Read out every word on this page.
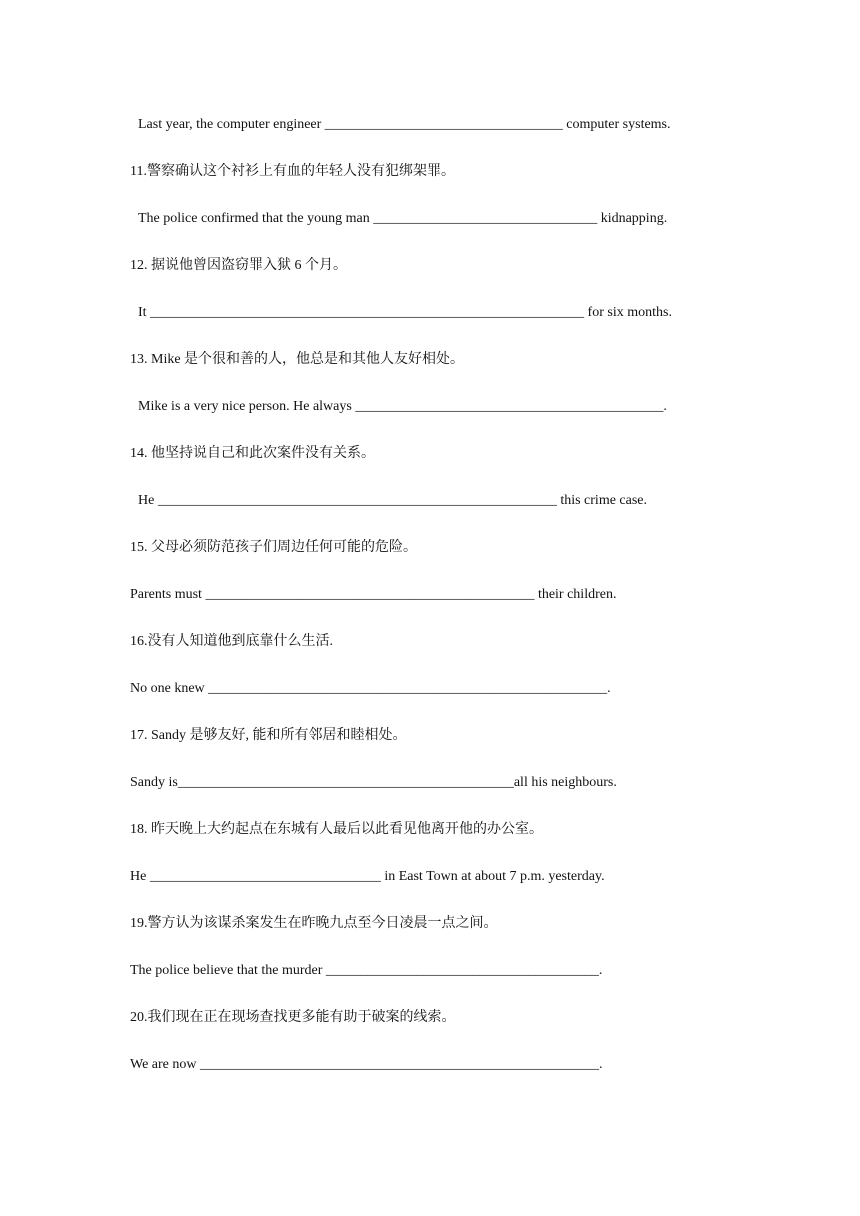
Last year, the computer engineer __________________________________ computer systems.
11.警察确认这个衬衫上有血的年轻人没有犯绑架罪。
The police confirmed that the young man ________________________________ kidnapping.
12. 据说他曾因盗窃罪入狱 6 个月。
It ______________________________________________________________ for six months.
13. Mike 是个很和善的人，他总是和其他人友好相处。
Mike is a very nice person. He always ____________________________________________.
14. 他坚持说自己和此次案件没有关系。
He _________________________________________________________ this crime case.
15. 父母必须防范孩子们周边任何可能的危险。
Parents must _______________________________________________ their children.
16.没有人知道他到底靠什么生活.
No one knew _________________________________________________________.
17. Sandy 是够友好, 能和所有邻居和睦相处。
Sandy is________________________________________________all his neighbours.
18. 昨天晚上大约起点在东城有人最后以此看见他离开他的办公室。
He _________________________________ in East Town at about 7 p.m. yesterday.
19.警方认为该谋杀案发生在昨晚九点至今日凌晨一点之间。
The police believe that the murder _______________________________________.
20.我们现在正在现场查找更多能有助于破案的线索。
We are now _________________________________________________________.
